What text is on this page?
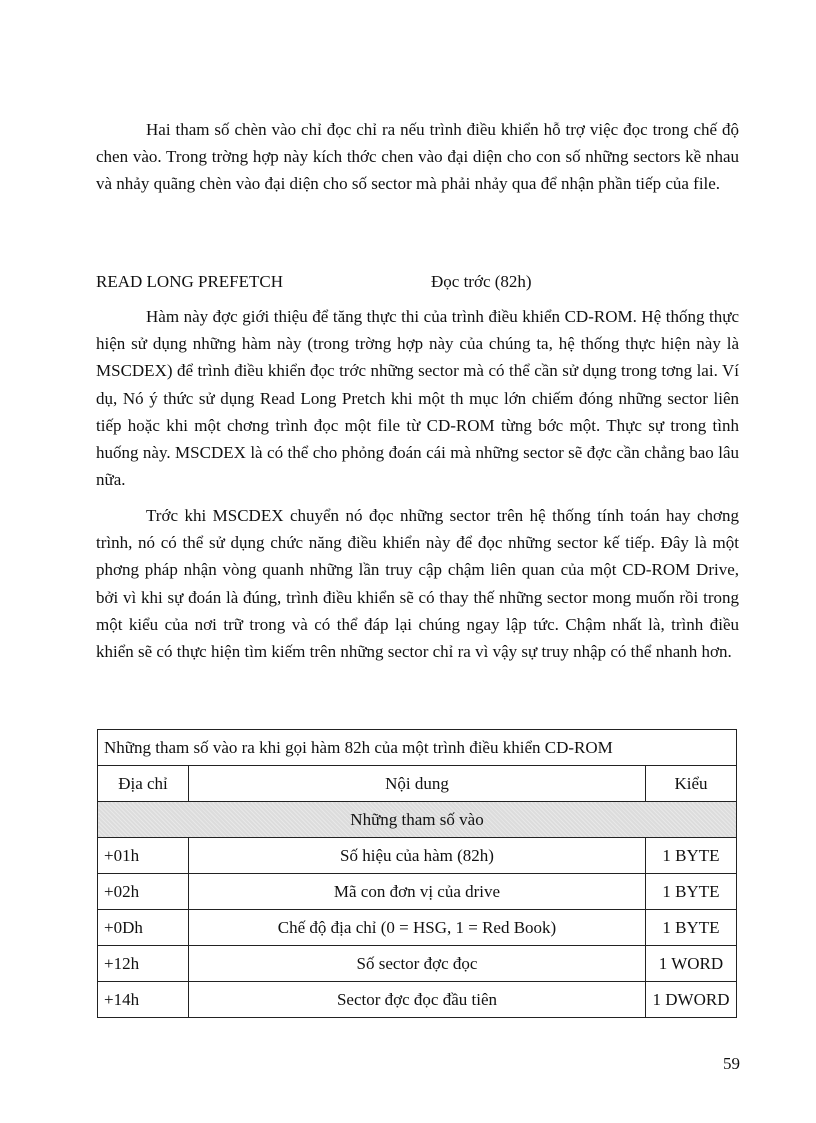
Hai tham số chèn vào chỉ đọc chỉ ra nếu trình điều khiển hỗ trợ việc đọc trong chế độ chen vào. Trong trờng hợp này kích thớc chen vào đại diện cho con số những sectors kề nhau và nhảy quãng chèn vào đại diện cho số sector mà phải nhảy qua để nhận phần tiếp của file.

READ LONG PREFETCH	Đọc trớc (82h)

Hàm này đợc giới thiệu để tăng thực thi của trình điều khiển CD-ROM. Hệ thống thực hiện sử dụng những hàm này (trong trờng hợp này của chúng ta, hệ thống thực hiện này là MSCDEX) để trình điều khiển đọc trớc những sector mà có thể cần sử dụng trong tơng lai. Ví dụ, Nó ý thức sử dụng Read Long Pretch khi một th mục lớn chiếm đóng những sector liên tiếp hoặc khi một chơng trình đọc một file từ CD-ROM từng bớc một. Thực sự trong tình huống này. MSCDEX là có thể cho phỏng đoán cái mà những sector sẽ đợc cần chẳng bao lâu nữa.

Trớc khi MSCDEX chuyển nó đọc những sector trên hệ thống tính toán hay chơng trình, nó có thể sử dụng chức năng điều khiển này để đọc những sector kế tiếp. Đây là một phơng pháp nhận vòng quanh những lần truy cập chậm liên quan của một CD-ROM Drive, bởi vì khi sự đoán là đúng, trình điều khiển sẽ có thay thế những sector mong muốn rồi trong một kiểu của nơi trữ trong và có thể đáp lại chúng ngay lập tức. Chậm nhất là, trình điều khiển sẽ có thực hiện tìm kiếm trên những sector chỉ ra vì vậy sự truy nhập có thể nhanh hơn.

Những tham số vào ra khi gọi hàm 82h của một trình điều khiển CD-ROM		
Địa chỉ	Nội dung	Kiểu
Những tham số vào		
+01h	Số hiệu của hàm (82h)	1 BYTE
+02h	Mã con đơn vị của drive	1 BYTE
+0Dh	Chế độ địa chỉ (0 = HSG, 1 = Red Book)	1 BYTE
+12h	Số sector đợc đọc	1 WORD
+14h	Sector đợc đọc đầu tiên	1 DWORD
59
